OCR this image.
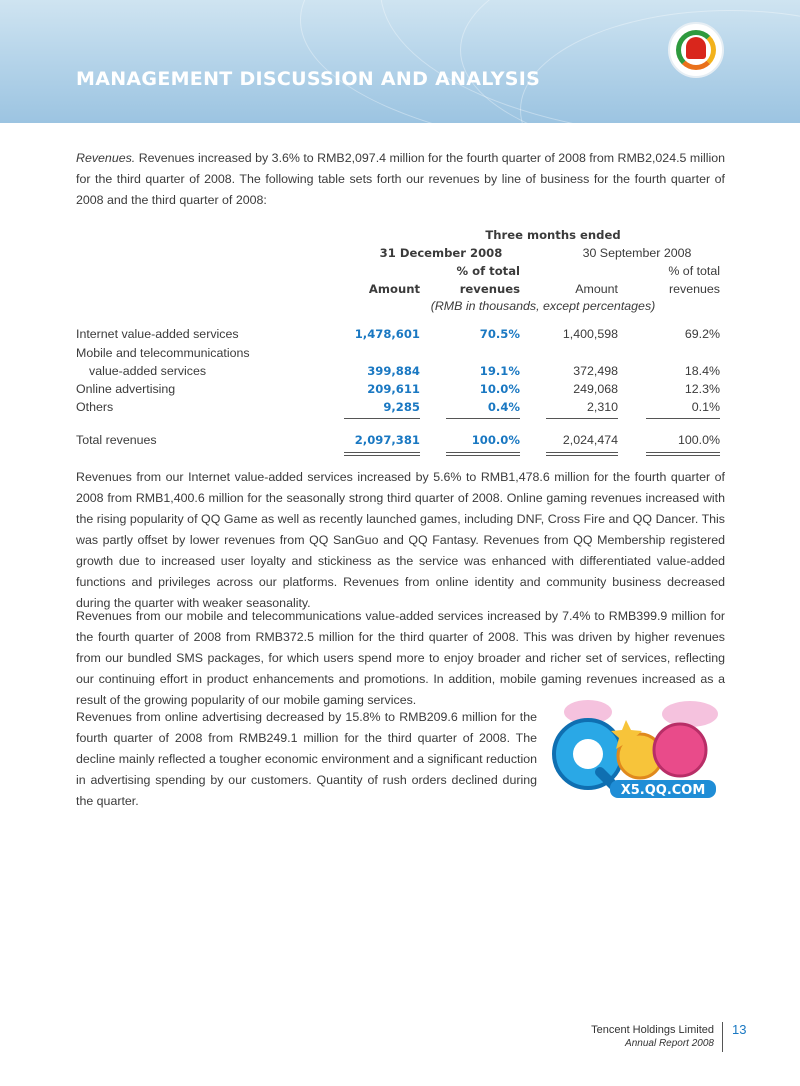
MANAGEMENT DISCUSSION AND ANALYSIS

Revenues. Revenues increased by 3.6% to RMB2,097.4 million for the fourth quarter of 2008 from RMB2,024.5 million for the third quarter of 2008. The following table sets forth our revenues by line of business for the fourth quarter of 2008 and the third quarter of 2008:

Three months ended
31 December 2008	30 September 2008
% of total	% of total
Amount	revenues	Amount	revenues
(RMB in thousands, except percentages)
Internet value-added services	1,478,601	70.5%	1,400,598	69.2%
Mobile and telecommunications
value-added services	399,884	19.1%	372,498	18.4%
Online advertising	209,611	10.0%	249,068	12.3%
Others	9,285	0.4%	2,310	0.1%
Total revenues	2,097,381	100.0%	2,024,474	100.0%

Revenues from our Internet value-added services increased by 5.6% to RMB1,478.6 million for the fourth quarter of 2008 from RMB1,400.6 million for the seasonally strong third quarter of 2008. Online gaming revenues increased with the rising popularity of QQ Game as well as recently launched games, including DNF, Cross Fire and QQ Dancer. This was partly offset by lower revenues from QQ SanGuo and QQ Fantasy. Revenues from QQ Membership registered growth due to increased user loyalty and stickiness as the service was enhanced with differentiated value-added functions and privileges across our platforms. Revenues from online identity and community business decreased during the quarter with weaker seasonality.

Revenues from our mobile and telecommunications value-added services increased by 7.4% to RMB399.9 million for the fourth quarter of 2008 from RMB372.5 million for the third quarter of 2008. This was driven by higher revenues from our bundled SMS packages, for which users spend more to enjoy broader and richer set of services, reflecting our continuing effort in product enhancements and promotions. In addition, mobile gaming revenues increased as a result of the growing popularity of our mobile gaming services.

Revenues from online advertising decreased by 15.8% to RMB209.6 million for the fourth quarter of 2008 from RMB249.1 million for the third quarter of 2008. The decline mainly reflected a tougher economic environment and a significant reduction in advertising spending by our customers. Quantity of rush orders declined during the quarter.

X5.QQ.COM
Tencent Holdings Limited
Annual Report 2008
13
